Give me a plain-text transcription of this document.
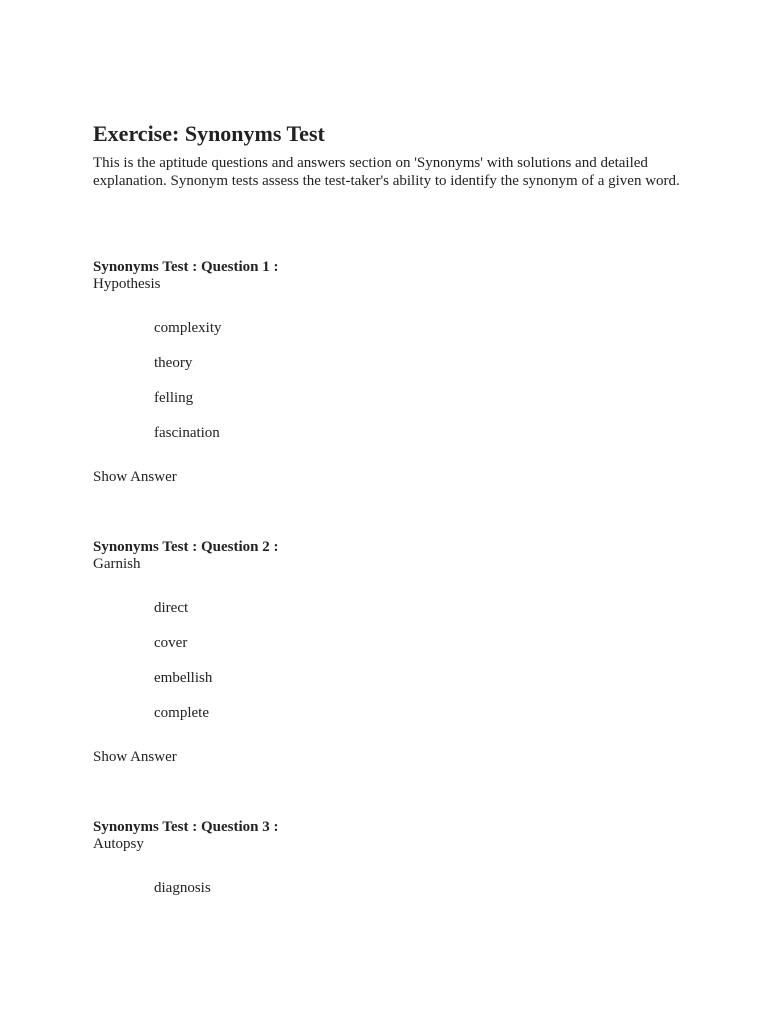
Exercise: Synonyms Test

This is the aptitude questions and answers section on 'Synonyms' with solutions and detailed explanation. Synonym tests assess the test-taker's ability to identify the synonym of a given word.

Synonyms Test : Question 1 :
Hypothesis
complexity
theory
felling
fascination
Show Answer
Synonyms Test : Question 2 :
Garnish
direct
cover
embellish
complete
Show Answer
Synonyms Test : Question 3 :
Autopsy
diagnosis
